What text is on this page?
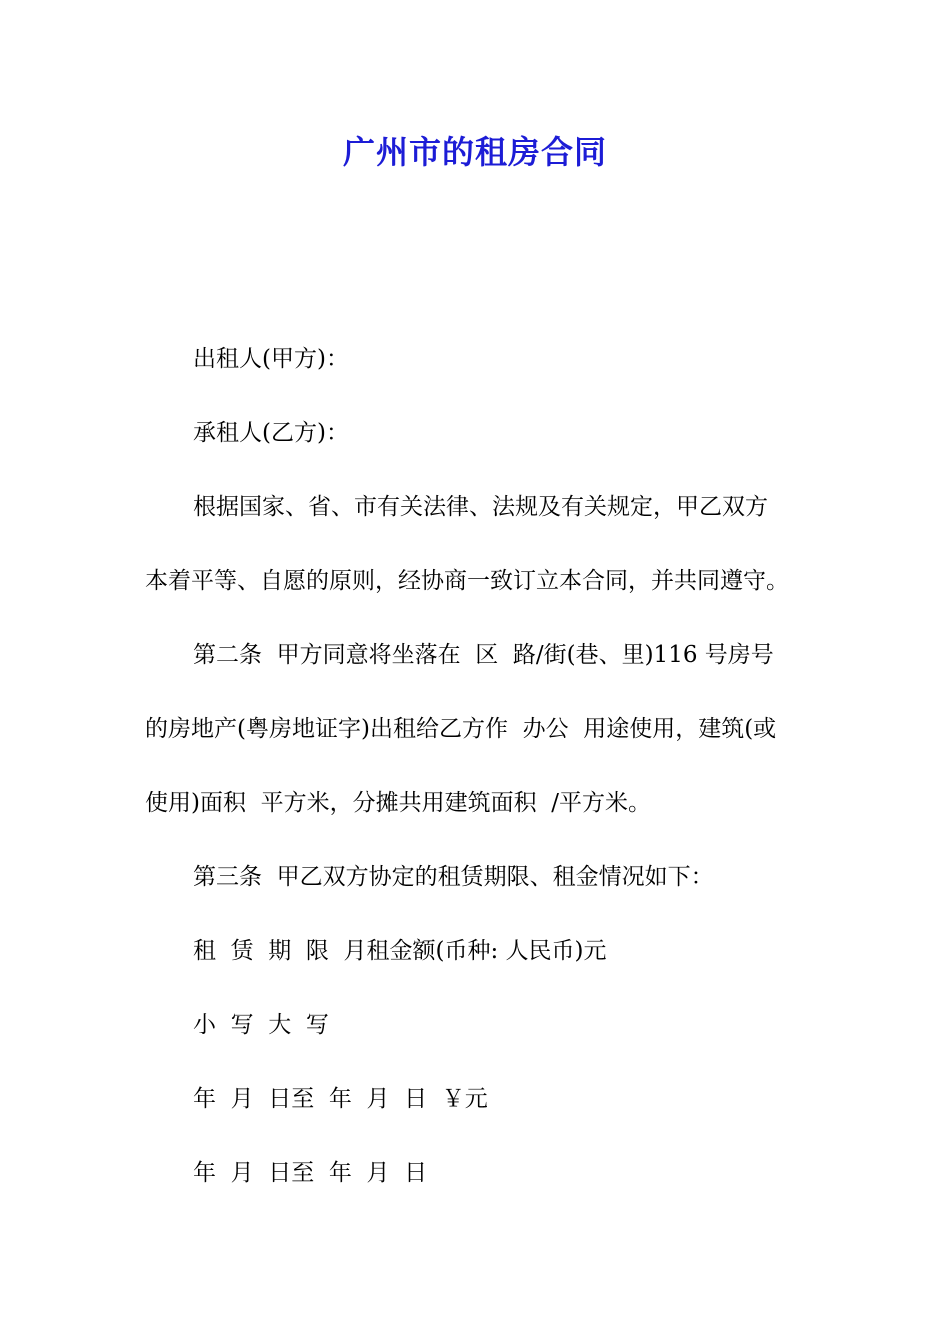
广州市的租房合同

出租人(甲方)：

承租人(乙方)：

根据国家、省、市有关法律、法规及有关规定，甲乙双方

本着平等、自愿的原则，经协商一致订立本合同，并共同遵守。

第二条  甲方同意将坐落在  区  路/街(巷、里)116 号房号

的房地产(粤房地证字)出租给乙方作  办公  用途使用，建筑(或

使用)面积  平方米，分摊共用建筑面积  /平方米。

第三条  甲乙双方协定的租赁期限、租金情况如下：

租  赁  期  限  月租金额(币种: 人民币)元

小  写  大  写

年  月  日至  年  月  日  ￥元

年  月  日至  年  月  日
